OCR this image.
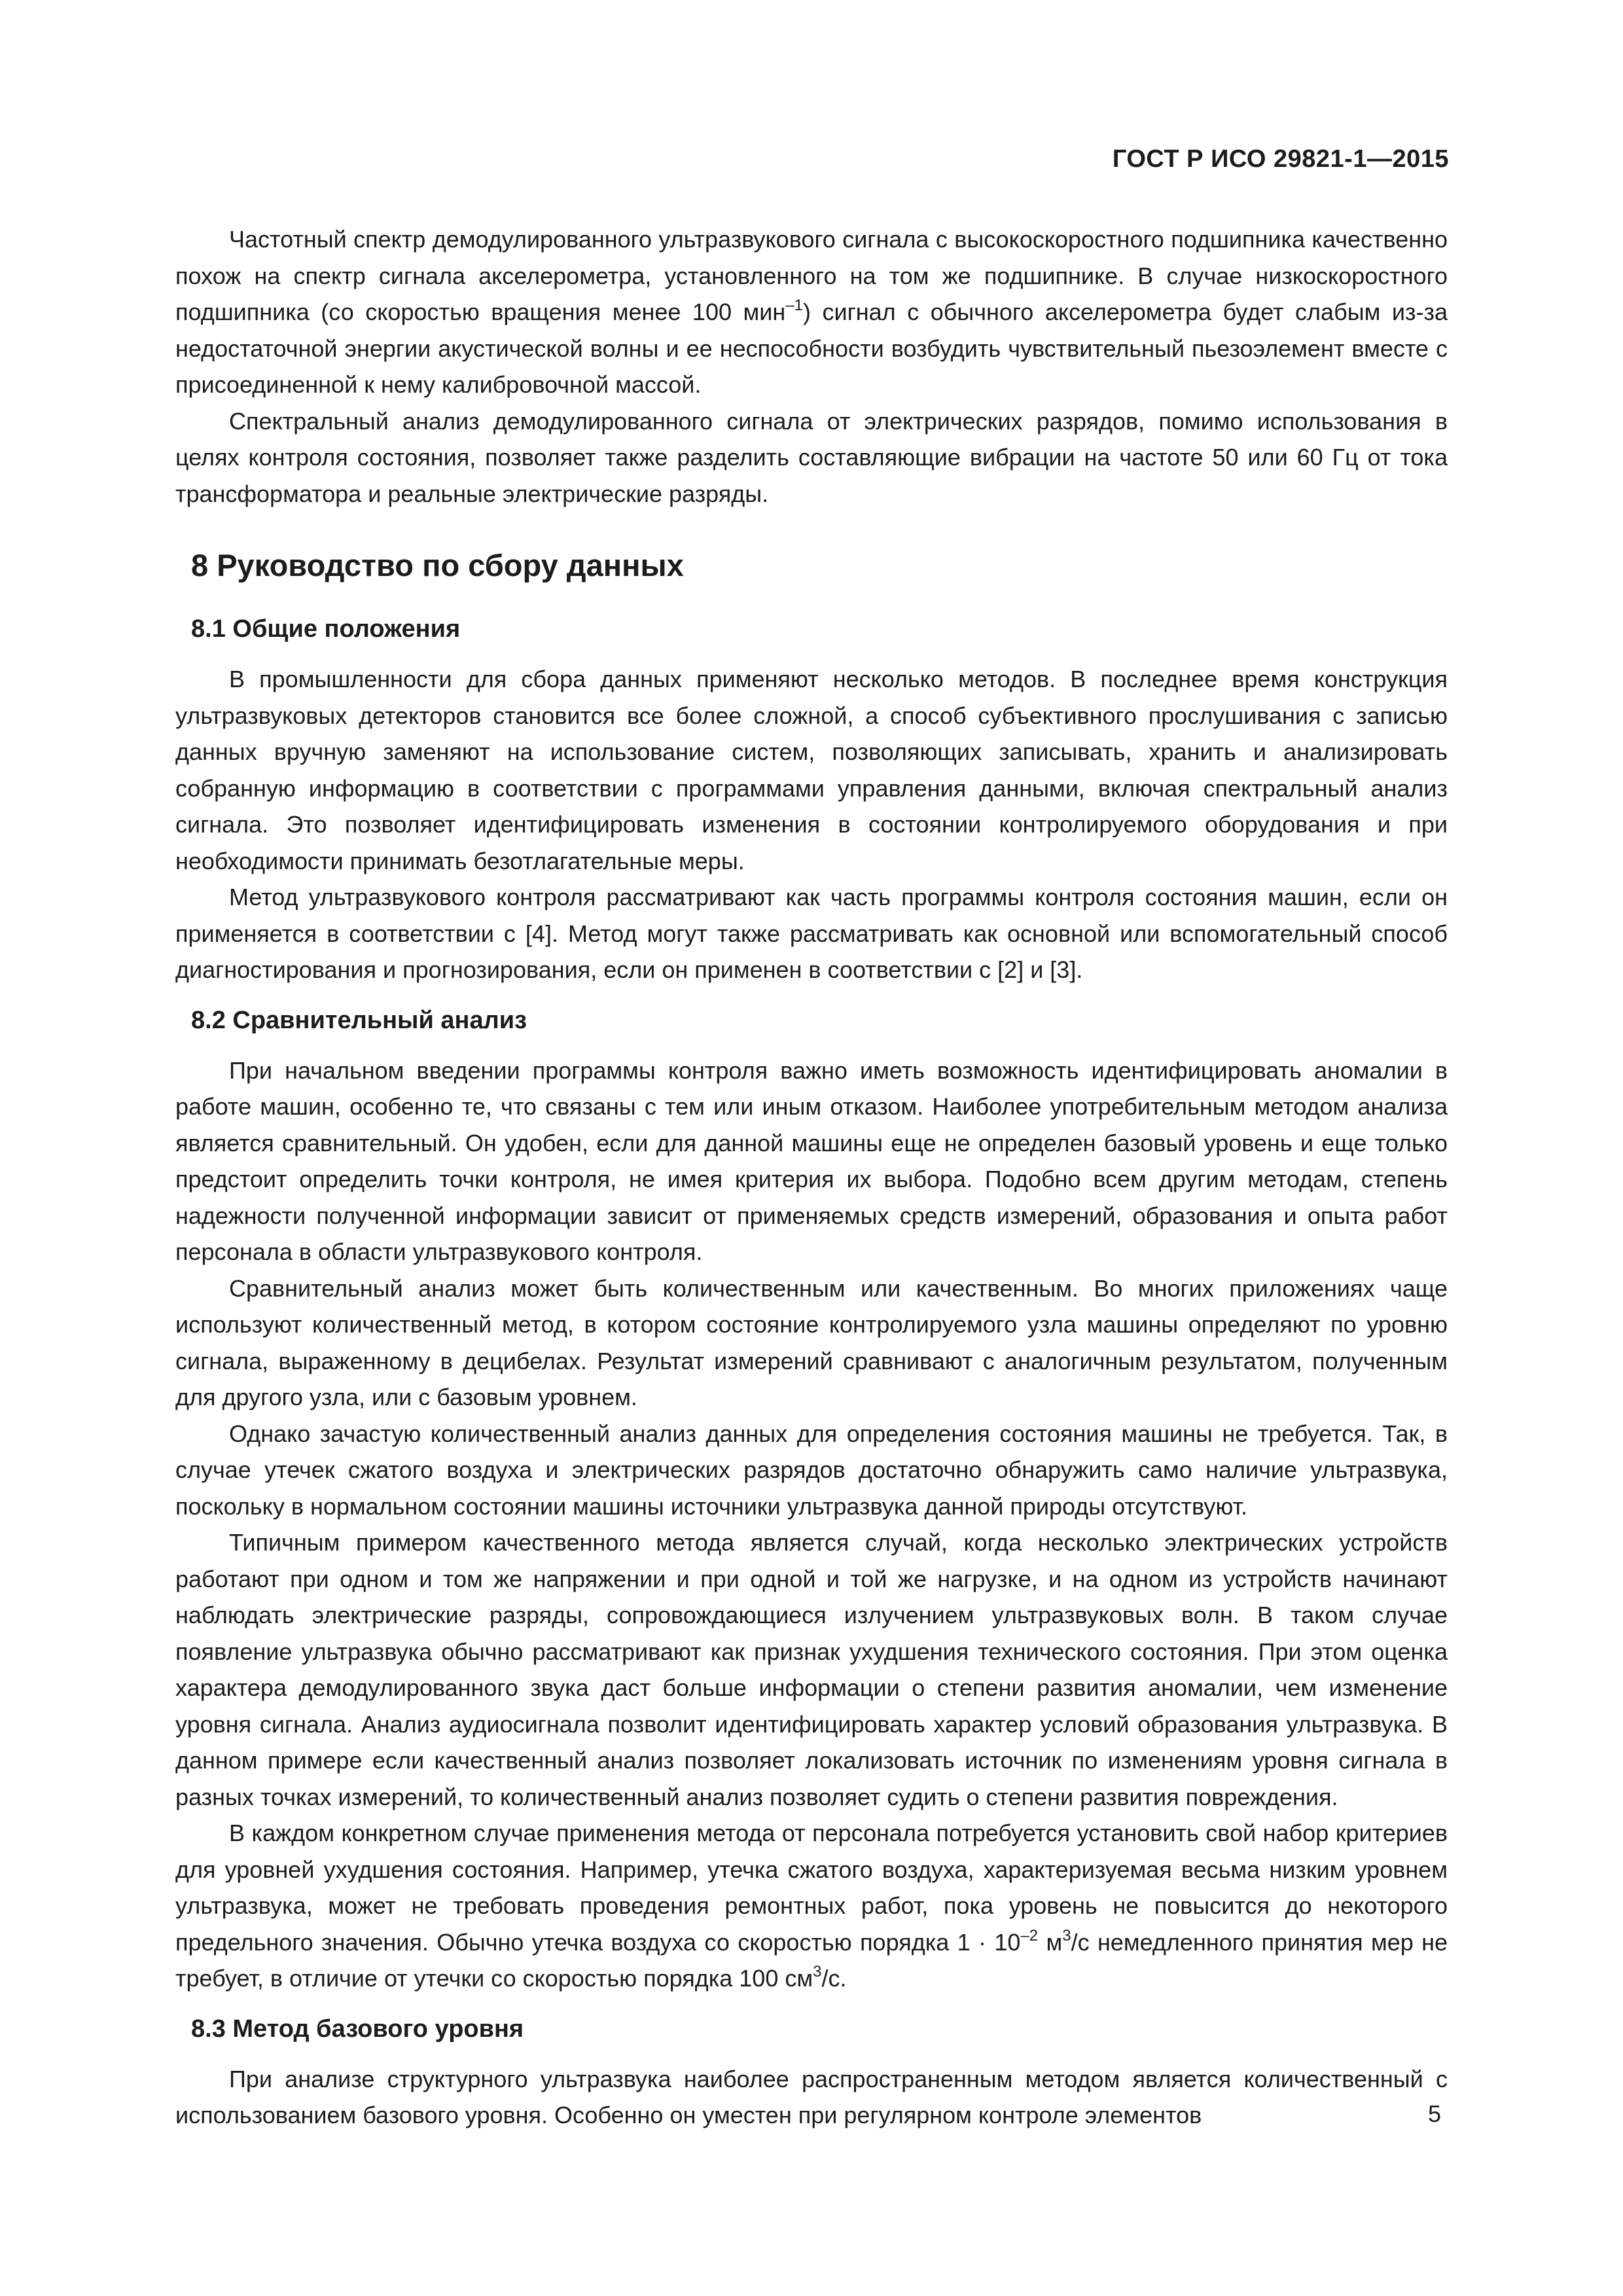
ГОСТ Р ИСО 29821-1—2015

Частотный спектр демодулированного ультразвукового сигнала с высокоскоростного подшипника качественно похож на спектр сигнала акселерометра, установленного на том же подшипнике. В случае низкоскоростного подшипника (со скоростью вращения менее 100 мин$^{-1}$) сигнал с обычного акселерометра будет слабым из-за недостаточной энергии акустической волны и ее неспособности возбудить чувствительный пьезоэлемент вместе с присоединенной к нему калибровочной массой.

Спектральный анализ демодулированного сигнала от электрических разрядов, помимо использования в целях контроля состояния, позволяет также разделить составляющие вибрации на частоте 50 или 60 Гц от тока трансформатора и реальные электрические разряды.

8 Руководство по сбору данных
8.1 Общие положения

В промышленности для сбора данных применяют несколько методов. В последнее время конструкция ультразвуковых детекторов становится все более сложной, а способ субъективного прослушивания с записью данных вручную заменяют на использование систем, позволяющих записывать, хранить и анализировать собранную информацию в соответствии с программами управления данными, включая спектральный анализ сигнала. Это позволяет идентифицировать изменения в состоянии контролируемого оборудования и при необходимости принимать безотлагательные меры.

Метод ультразвукового контроля рассматривают как часть программы контроля состояния машин, если он применяется в соответствии с [4]. Метод могут также рассматривать как основной или вспомогательный способ диагностирования и прогнозирования, если он применен в соответствии с [2] и [3].

8.2 Сравнительный анализ

При начальном введении программы контроля важно иметь возможность идентифицировать аномалии в работе машин, особенно те, что связаны с тем или иным отказом. Наиболее употребительным методом анализа является сравнительный. Он удобен, если для данной машины еще не определен базовый уровень и еще только предстоит определить точки контроля, не имея критерия их выбора. Подобно всем другим методам, степень надежности полученной информации зависит от применяемых средств измерений, образования и опыта работ персонала в области ультразвукового контроля.

Сравнительный анализ может быть количественным или качественным. Во многих приложениях чаще используют количественный метод, в котором состояние контролируемого узла машины определяют по уровню сигнала, выраженному в децибелах. Результат измерений сравнивают с аналогичным результатом, полученным для другого узла, или с базовым уровнем.

Однако зачастую количественный анализ данных для определения состояния машины не требуется. Так, в случае утечек сжатого воздуха и электрических разрядов достаточно обнаружить само наличие ультразвука, поскольку в нормальном состоянии машины источники ультразвука данной природы отсутствуют.

Типичным примером качественного метода является случай, когда несколько электрических устройств работают при одном и том же напряжении и при одной и той же нагрузке, и на одном из устройств начинают наблюдать электрические разряды, сопровождающиеся излучением ультразвуковых волн. В таком случае появление ультразвука обычно рассматривают как признак ухудшения технического состояния. При этом оценка характера демодулированного звука даст больше информации о степени развития аномалии, чем изменение уровня сигнала. Анализ аудиосигнала позволит идентифицировать характер условий образования ультразвука. В данном примере если качественный анализ позволяет локализовать источник по изменениям уровня сигнала в разных точках измерений, то количественный анализ позволяет судить о степени развития повреждения.

В каждом конкретном случае применения метода от персонала потребуется установить свой набор критериев для уровней ухудшения состояния. Например, утечка сжатого воздуха, характеризуемая весьма низким уровнем ультразвука, может не требовать проведения ремонтных работ, пока уровень не повысится до некоторого предельного значения. Обычно утечка воздуха со скоростью порядка $1 \cdot 10^{-2}$ $м^3/с$ немедленного принятия мер не требует, в отличие от утечки со скоростью порядка 100 $см^3/с$.

8.3 Метод базового уровня

При анализе структурного ультразвука наиболее распространенным методом является количественный с использованием базового уровня. Особенно он уместен при регулярном контроле элементов	5
